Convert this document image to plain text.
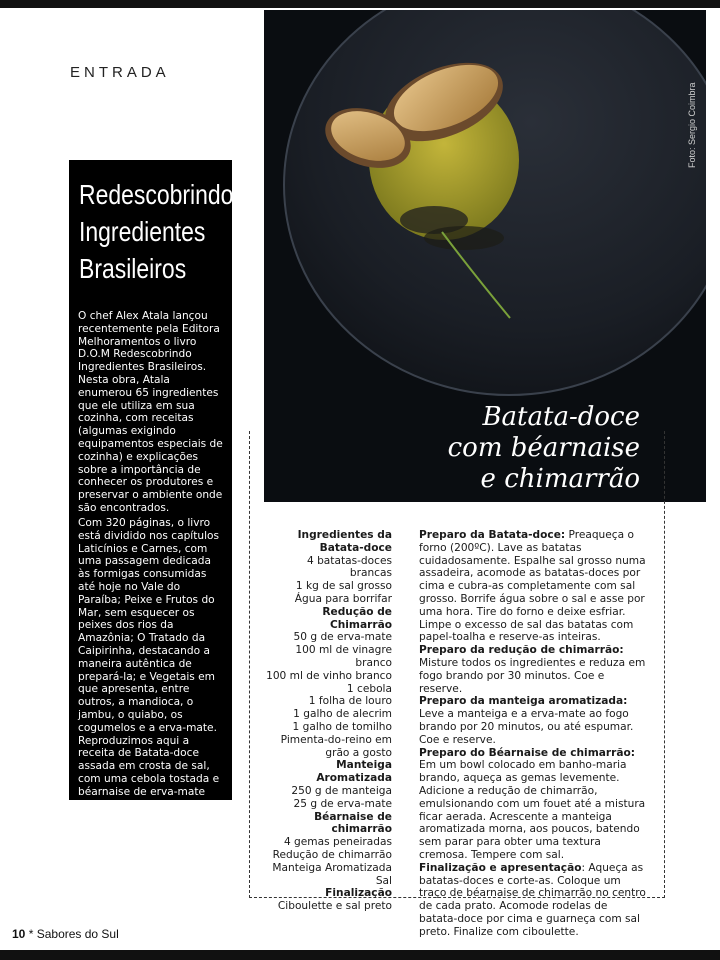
ENTRADA
Redescobrindo
Ingredientes
Brasileiros

O chef Alex Atala lançou recentemente pela Editora Melhoramentos o livro D.O.M Redescobrindo Ingredientes Brasileiros. Nesta obra, Atala enumerou 65 ingredientes que ele utiliza em sua cozinha, com receitas (algumas exigindo equipamentos especiais de cozinha) e explicações sobre a importância de conhecer os produtores e preservar o ambiente onde são encontrados.

Com 320 páginas, o livro está dividido nos capítulos Laticínios e Carnes, com uma passagem dedicada às formigas consumidas até hoje no Vale do Paraíba; Peixe e Frutos do Mar, sem esquecer os peixes dos rios da Amazônia; O Tratado da Caipirinha, destacando a maneira autêntica de prepará-la; e Vegetais em que apresenta, entre outros, a mandioca, o jambu, o quiabo, os cogumelos e a erva-mate. Reproduzimos aqui a receita de Batata-doce assada em crosta de sal, com uma cebola tostada e béarnaise de erva-mate que faz parte do livro.

Batata-doce
com béarnaise
e chimarrão
Foto: Sergio Coimbra
Ingredientes da
Batata-doce
4 batatas-doces brancas
1 kg de sal grosso
Água para borrifar
Redução de Chimarrão
50 g de erva-mate
100 ml de vinagre
branco
100 ml de vinho branco
1 cebola
1 folha de louro
1 galho de alecrim
1 galho de tomilho
Pimenta-do-reino em
grão a gosto
Manteiga Aromatizada
250 g de manteiga
25 g de erva-mate
Béarnaise de chimarrão
4 gemas peneiradas
Redução de chimarrão
Manteiga Aromatizada
Sal
Finalização
Ciboulette e sal preto

Preparo da Batata-doce: Preaqueça o forno (200ºC). Lave as batatas cuidadosamente. Espalhe sal grosso numa assadeira, acomode as batatas-doces por cima e cubra-as completamente com sal grosso. Borrife água sobre o sal e asse por uma hora. Tire do forno e deixe esfriar. Limpe o excesso de sal das batatas com papel-toalha e reserve-as inteiras.

Preparo da redução de chimarrão: Misture todos os ingredientes e reduza em fogo brando por 30 minutos. Coe e reserve.

Preparo da manteiga aromatizada: Leve a manteiga e a erva-mate ao fogo brando por 20 minutos, ou até espumar. Coe e reserve.

Preparo do Béarnaise de chimarrão: Em um bowl colocado em banho-maria brando, aqueça as gemas levemente. Adicione a redução de chimarrão, emulsionando com um fouet até a mistura ficar aerada. Acrescente a manteiga aromatizada morna, aos poucos, batendo sem parar para obter uma textura cremosa. Tempere com sal.

Finalização e apresentação: Aqueça as batatas-doces e corte-as. Coloque um traço de béarnaise de chimarrão no centro de cada prato. Acomode rodelas de batata-doce por cima e guarneça com sal preto. Finalize com ciboulette.

10 * Sabores do Sul
